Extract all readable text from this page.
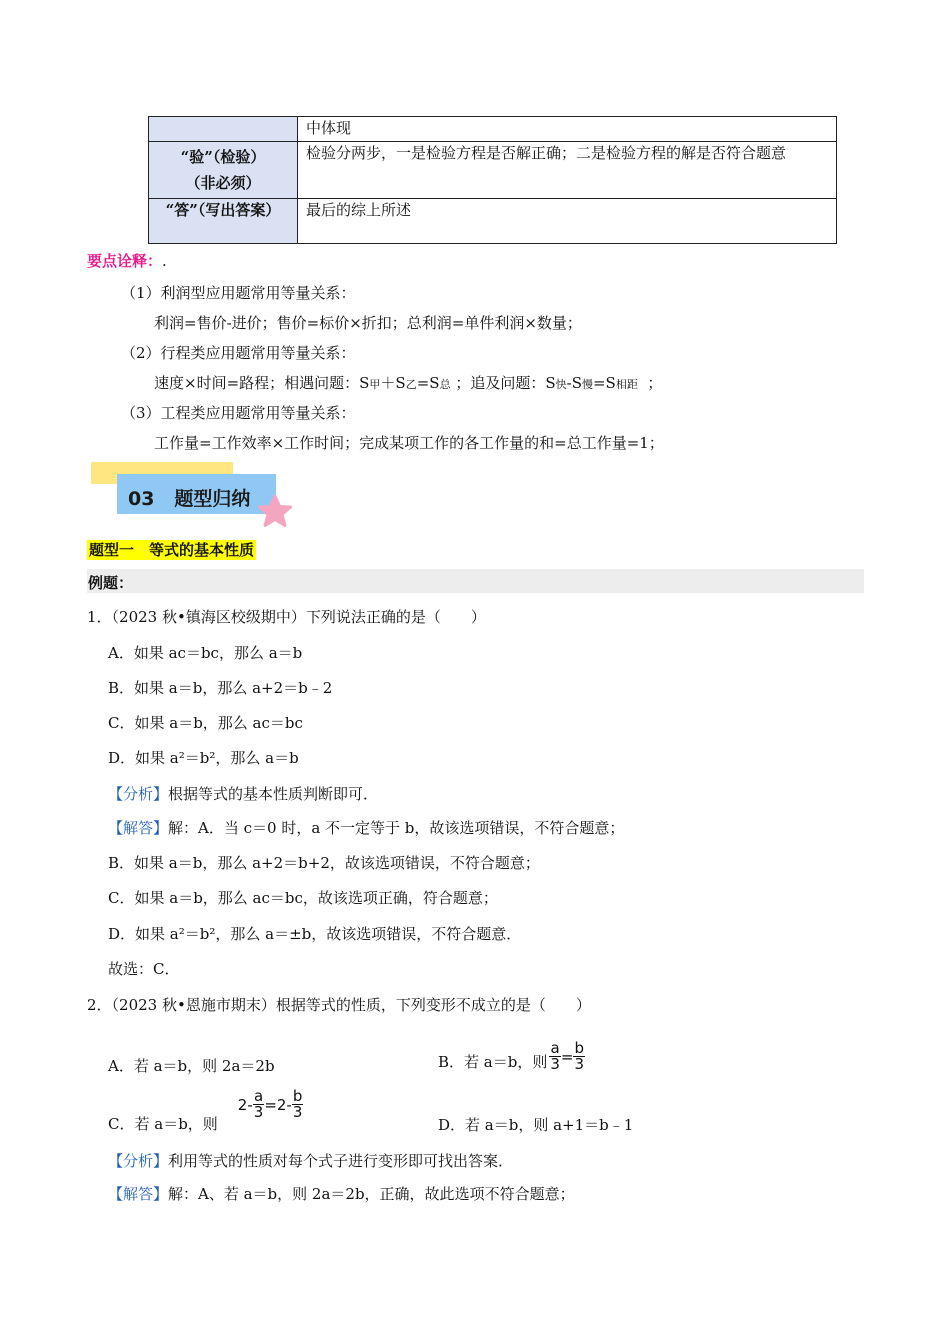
	中体现

“验”（检验）
（非必须）	检验分两步，一是检验方程是否解正确；二是检验方程的解是否符合题意
“答”（写出答案）	最后的综上所述
要点诠释：.
（1）利润型应用题常用等量关系：
利润=售价-进价；售价=标价×折扣；总利润=单件利润×数量；
（2）行程类应用题常用等量关系：
速度×时间=路程；相遇问题：S甲＋S乙=S总 ；追及问题：S快-S慢=S相距 ；
（3）工程类应用题常用等量关系：
工作量=工作效率×工作时间；完成某项工作的各工作量的和=总工作量=1；
03 题型归纳
题型一　等式的基本性质
例题：
1．（2023 秋•镇海区校级期中）下列说法正确的是（　　）
A．如果 ac＝bc，那么 a＝b
B．如果 a＝b，那么 a+2＝b﹣2
C．如果 a＝b，那么 ac＝bc
D．如果 a²＝b²，那么 a＝b
【分析】根据等式的基本性质判断即可．
【解答】解：A．当 c＝0 时，a 不一定等于 b，故该选项错误，不符合题意；
B．如果 a＝b，那么 a+2＝b+2，故该选项错误，不符合题意；
C．如果 a＝b，那么 ac＝bc，故该选项正确，符合题意；
D．如果 a²＝b²，那么 a＝±b，故该选项错误，不符合题意．
故选：C．
2．（2023 秋•恩施市期末）根据等式的性质，下列变形不成立的是（　　）
A．若 a＝b，则 2a＝2b	B．若 a＝b，则 $\frac{a}{3} = \frac{b}{3}$
C．若 a＝b，则
$2- \frac{a}{3} =2- \frac{b}{3}$
D．若 a＝b，则 a+1＝b﹣1
【分析】利用等式的性质对每个式子进行变形即可找出答案．
【解答】解：A、若 a＝b，则 2a＝2b，正确，故此选项不符合题意；
